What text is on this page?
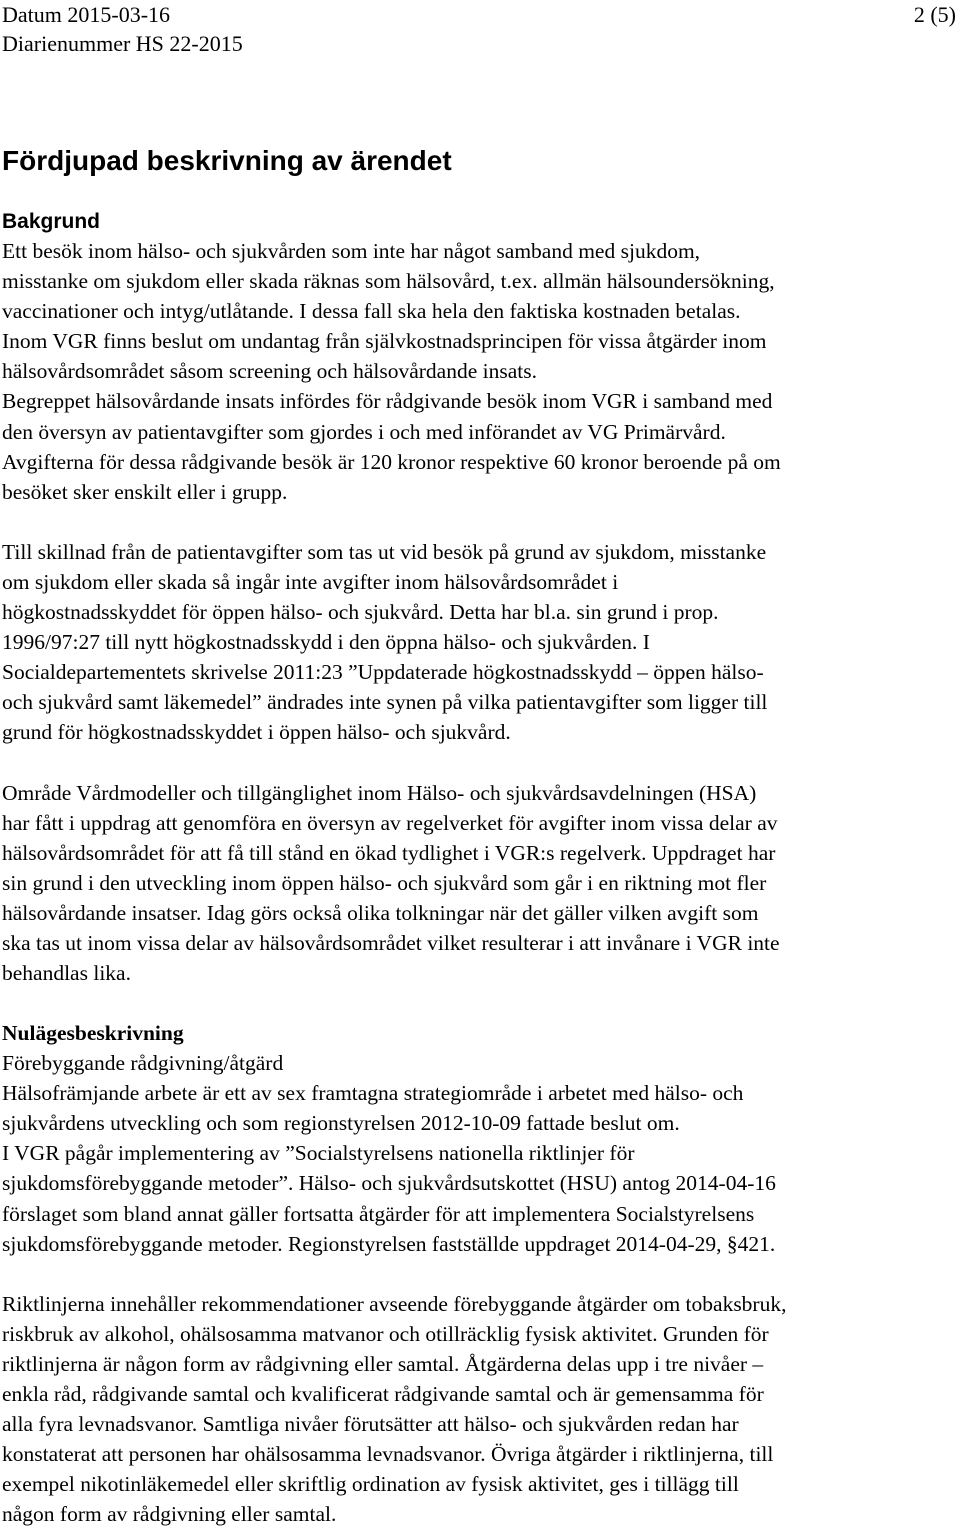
Datum 2015-03-16	2 (5)
Diarienummer HS 22-2015
Fördjupad beskrivning av ärendet
Bakgrund

Ett besök inom hälso- och sjukvården som inte har något samband med sjukdom,
misstanke om sjukdom eller skada räknas som hälsovård, t.ex. allmän hälsoundersökning,
vaccinationer och intyg/utlåtande. I dessa fall ska hela den faktiska kostnaden betalas.
Inom VGR finns beslut om undantag från självkostnadsprincipen för vissa åtgärder inom
hälsovårdsområdet såsom screening och hälsovårdande insats.
Begreppet hälsovårdande insats infördes för rådgivande besök inom VGR i samband med
den översyn av patientavgifter som gjordes i och med införandet av VG Primärvård.
Avgifterna för dessa rådgivande besök är 120 kronor respektive 60 kronor beroende på om
besöket sker enskilt eller i grupp.

Till skillnad från de patientavgifter som tas ut vid besök på grund av sjukdom, misstanke
om sjukdom eller skada så ingår inte avgifter inom hälsovårdsområdet i
högkostnadsskyddet för öppen hälso- och sjukvård. Detta har bl.a. sin grund i prop.
1996/97:27 till nytt högkostnadsskydd i den öppna hälso- och sjukvården. I
Socialdepartementets skrivelse 2011:23 ”Uppdaterade högkostnadsskydd – öppen hälso-
och sjukvård samt läkemedel” ändrades inte synen på vilka patientavgifter som ligger till
grund för högkostnadsskyddet i öppen hälso- och sjukvård.

Område Vårdmodeller och tillgänglighet inom Hälso- och sjukvårdsavdelningen (HSA)
har fått i uppdrag att genomföra en översyn av regelverket för avgifter inom vissa delar av
hälsovårdsområdet för att få till stånd en ökad tydlighet i VGR:s regelverk. Uppdraget har
sin grund i den utveckling inom öppen hälso- och sjukvård som går i en riktning mot fler
hälsovårdande insatser. Idag görs också olika tolkningar när det gäller vilken avgift som
ska tas ut inom vissa delar av hälsovårdsområdet vilket resulterar i att invånare i VGR inte
behandlas lika.

Nulägesbeskrivning
Förebyggande rådgivning/åtgärd

Hälsofrämjande arbete är ett av sex framtagna strategiområde i arbetet med hälso- och
sjukvårdens utveckling och som regionstyrelsen 2012-10-09 fattade beslut om.
I VGR pågår implementering av ”Socialstyrelsens nationella riktlinjer för
sjukdomsförebyggande metoder”. Hälso- och sjukvårdsutskottet (HSU) antog 2014-04-16
förslaget som bland annat gäller fortsatta åtgärder för att implementera Socialstyrelsens
sjukdomsförebyggande metoder. Regionstyrelsen fastställde uppdraget 2014-04-29, §421.

Riktlinjerna innehåller rekommendationer avseende förebyggande åtgärder om tobaksbruk,
riskbruk av alkohol, ohälsosamma matvanor och otillräcklig fysisk aktivitet. Grunden för
riktlinjerna är någon form av rådgivning eller samtal. Åtgärderna delas upp i tre nivåer –
enkla råd, rådgivande samtal och kvalificerat rådgivande samtal och är gemensamma för
alla fyra levnadsvanor. Samtliga nivåer förutsätter att hälso- och sjukvården redan har
konstaterat att personen har ohälsosamma levnadsvanor. Övriga åtgärder i riktlinjerna, till
exempel nikotinläkemedel eller skriftlig ordination av fysisk aktivitet, ges i tillägg till
någon form av rådgivning eller samtal.
